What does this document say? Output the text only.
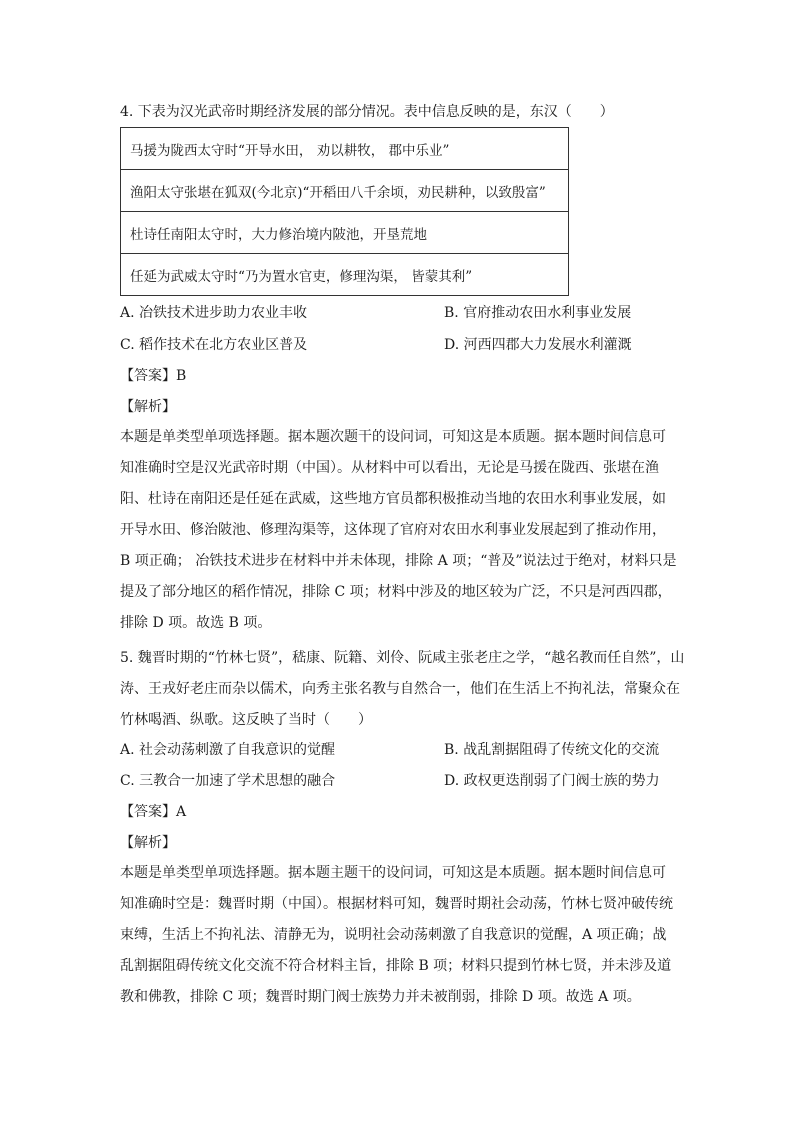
4. 下表为汉光武帝时期经济发展的部分情况。表中信息反映的是，东汉（　　）
马援为陇西太守时“开导水田， 劝以耕牧， 郡中乐业”
渔阳太守张堪在狐双(今北京)“开稻田八千余顷，劝民耕种，以致殷富”
杜诗任南阳太守时，大力修治境内陂池，开垦荒地
任延为武威太守时“乃为置水官吏，修理沟渠， 皆蒙其利”
A. 冶铁技术进步助力农业丰收	B. 官府推动农田水利事业发展
C. 稻作技术在北方农业区普及	D. 河西四郡大力发展水利灌溉
【答案】B
【解析】
本题是单类型单项选择题。据本题次题干的设问词，可知这是本质题。据本题时间信息可
知准确时空是汉光武帝时期（中国）。从材料中可以看出，无论是马援在陇西、张堪在渔
阳、杜诗在南阳还是任延在武威，这些地方官员都积极推动当地的农田水利事业发展，如
开导水田、修治陂池、修理沟渠等，这体现了官府对农田水利事业发展起到了推动作用，
B 项正确； 冶铁技术进步在材料中并未体现，排除 A 项；“普及”说法过于绝对，材料只是
提及了部分地区的稻作情况，排除 C 项；材料中涉及的地区较为广泛，不只是河西四郡，
排除 D 项。故选 B 项。
5. 魏晋时期的“竹林七贤”，嵇康、阮籍、刘伶、阮咸主张老庄之学，“越名教而任自然”，山
涛、王戎好老庄而杂以儒术，向秀主张名教与自然合一，他们在生活上不拘礼法，常聚众在
竹林喝酒、纵歌。这反映了当时（　　）
A. 社会动荡刺激了自我意识的觉醒	B. 战乱割据阻碍了传统文化的交流
C. 三教合一加速了学术思想的融合	D. 政权更迭削弱了门阀士族的势力
【答案】A
【解析】
本题是单类型单项选择题。据本题主题干的设问词，可知这是本质题。据本题时间信息可
知准确时空是：魏晋时期（中国）。根据材料可知，魏晋时期社会动荡，竹林七贤冲破传统
束缚，生活上不拘礼法、清静无为，说明社会动荡刺激了自我意识的觉醒，A 项正确；战
乱割据阻碍传统文化交流不符合材料主旨，排除 B 项；材料只提到竹林七贤，并未涉及道
教和佛教，排除 C 项；魏晋时期门阀士族势力并未被削弱，排除 D 项。故选 A 项。
